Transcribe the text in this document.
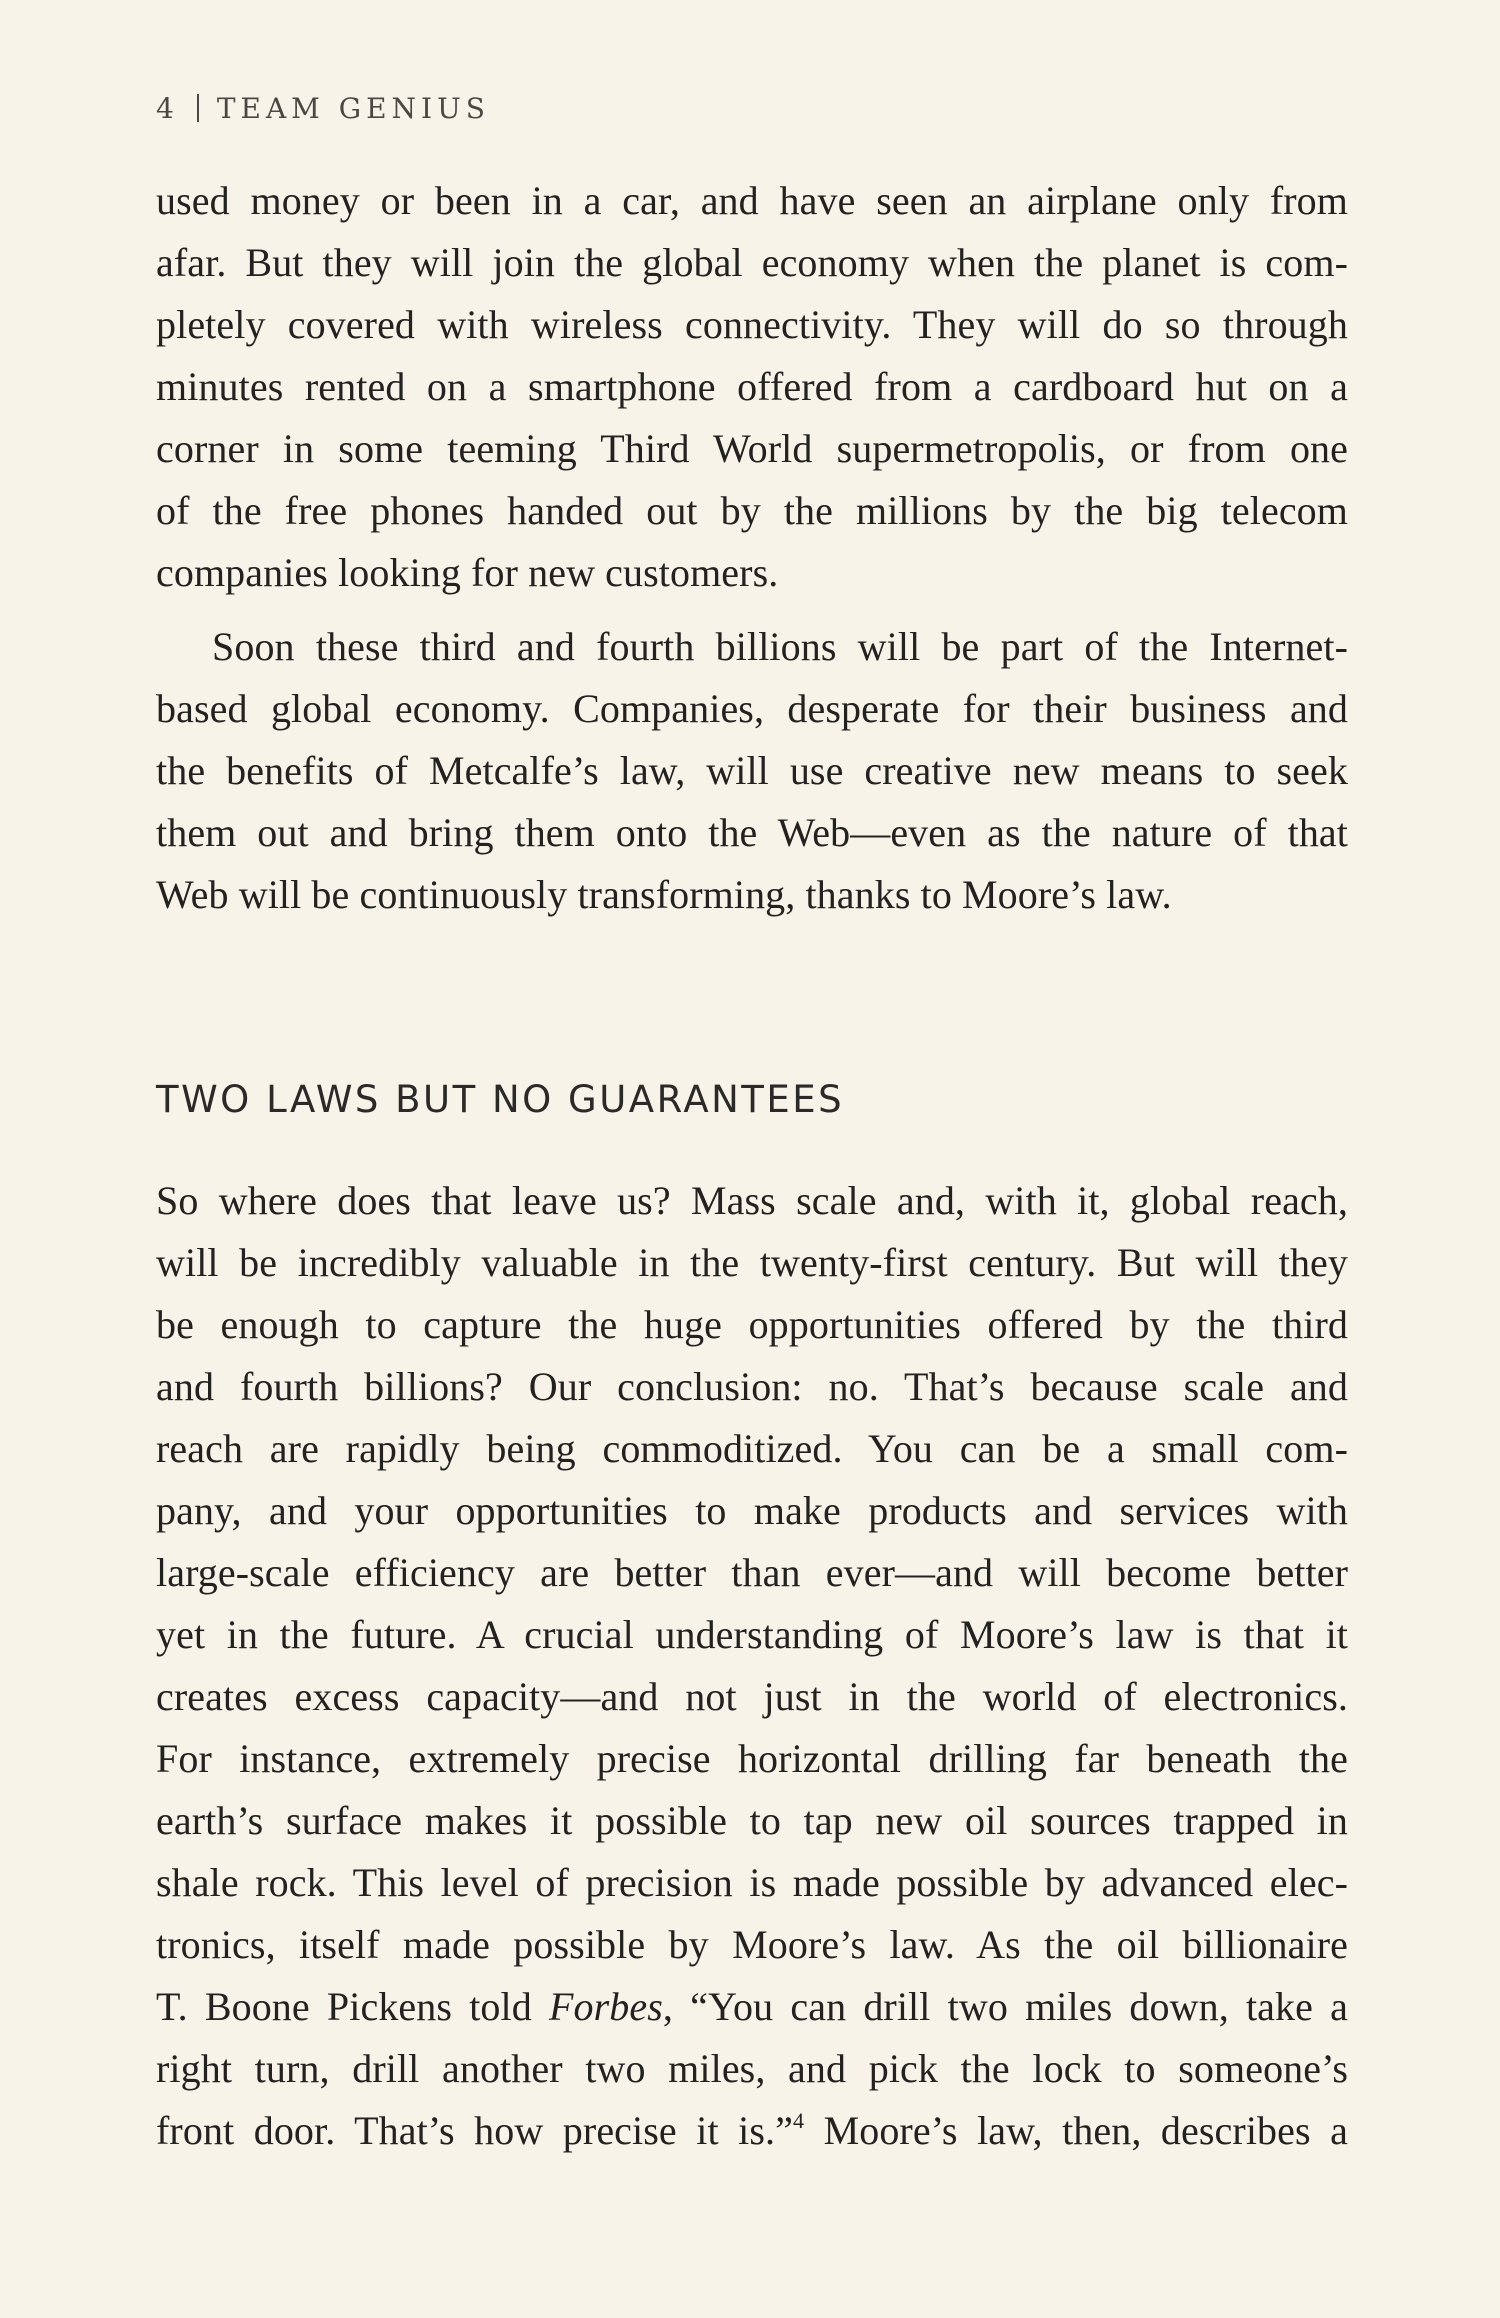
4 TEAM GENIUS
used money or been in a car, and have seen an airplane only from
afar. But they will join the global economy when the planet is com-
pletely covered with wireless connectivity. They will do so through
minutes rented on a smartphone offered from a cardboard hut on a
corner in some teeming Third World supermetropolis, or from one
of the free phones handed out by the millions by the big telecom
companies looking for new customers.
Soon these third and fourth billions will be part of the Internet-
based global economy. Companies, desperate for their business and
the benefits of Metcalfe’s law, will use creative new means to seek
them out and bring them onto the Web—even as the nature of that
Web will be continuously transforming, thanks to Moore’s law.
TWO LAWS BUT NO GUARANTEES
So where does that leave us? Mass scale and, with it, global reach,
will be incredibly valuable in the twenty-first century. But will they
be enough to capture the huge opportunities offered by the third
and fourth billions? Our conclusion: no. That’s because scale and
reach are rapidly being commoditized. You can be a small com-
pany, and your opportunities to make products and services with
large-scale efficiency are better than ever—and will become better
yet in the future. A crucial understanding of Moore’s law is that it
creates excess capacity—and not just in the world of electronics.
For instance, extremely precise horizontal drilling far beneath the
earth’s surface makes it possible to tap new oil sources trapped in
shale rock. This level of precision is made possible by advanced elec-
tronics, itself made possible by Moore’s law. As the oil billionaire
T. Boone Pickens told Forbes, “You can drill two miles down, take a
right turn, drill another two miles, and pick the lock to someone’s
front door. That’s how precise it is.”$^4$ Moore’s law, then, describes a
